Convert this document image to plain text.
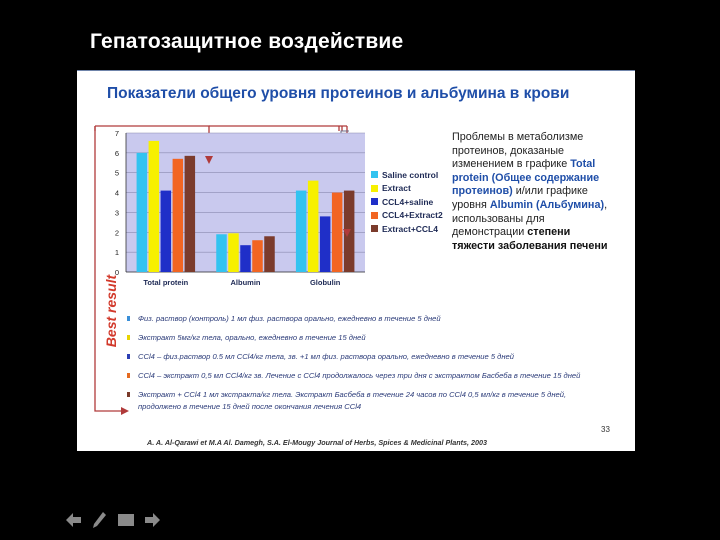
Гепатозащитное воздействие
Показатели общего уровня протеинов и альбумина в крови
0
1
2
3
4
5
6
7
Total protein	Albumin	Globulin
Best result
Saline control
Extract
CCL4+saline
CCL4+Extract2
Extract+CCL4
Проблемы в метаболизме
протеинов, доказаные
изменением в графике Total
protein (Общее содержание
протеинов) и/или графике
уровня Albumin (Альбумина),
использованы для
демонстрации степени
тяжести заболевания печени
Физ. раствор (контроль) 1 мл физ. раствора орально, ежедневно в течение 5 дней
Экстракт 5мг/кг тела, орально, ежедневно в течение 15 дней
CCl4 – физ.раствор 0.5 мл CCl4/кг тела, зв. +1 мл физ. раствора орально, ежедневно в течение 5 дней
CCl4 – экстракт 0,5 мл CCl4/кг зв. Лечение с CCl4 продолжалось через три дня с экстрактом Басбеба в течение 15 дней
Экстракт + CCl4 1 мл экстракта/кг тела. Экстракт Басбеба в течение 24 часов по CCl4 0,5 мл/кг в течение 5 дней,
продолжено в течение 15 дней после окончания лечения CCl4
33
A. A. Al-Qarawi et M.A Al. Damegh, S.A. El-Mougy Journal of Herbs, Spices & Medicinal Plants, 2003
